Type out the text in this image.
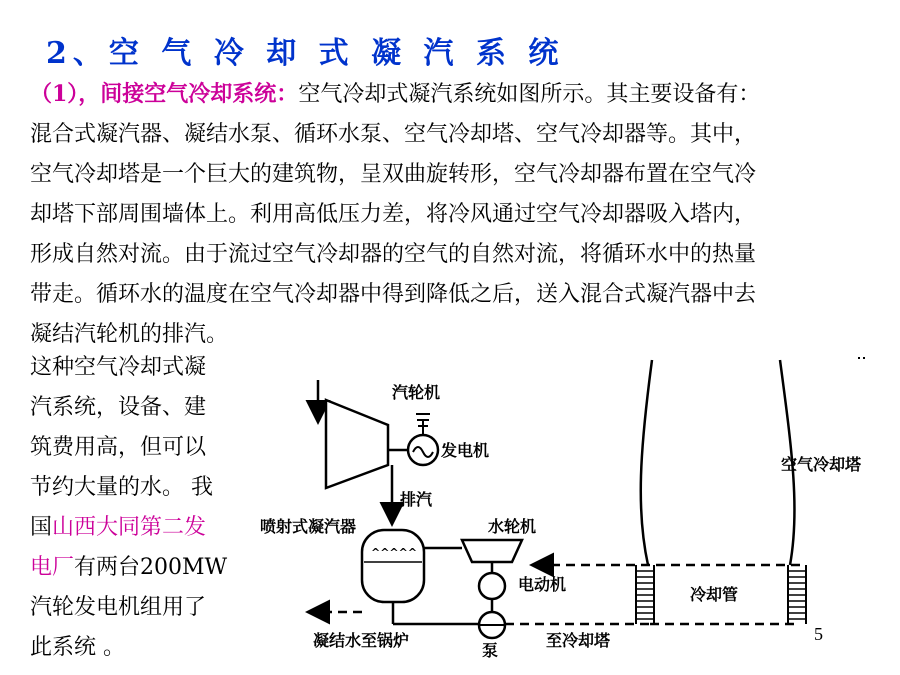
2、空 气 冷 却 式 凝 汽 系 统
（1），间接空气冷却系统：空气冷却式凝汽系统如图所示。其主要设备有：
混合式凝汽器、凝结水泵、循环水泵、空气冷却塔、空气冷却器等。其中，
空气冷却塔是一个巨大的建筑物，呈双曲旋转形，空气冷却器布置在空气冷
却塔下部周围墙体上。利用高低压力差，将冷风通过空气冷却器吸入塔内，
形成自然对流。由于流过空气冷却器的空气的自然对流，将循环水中的热量
带走。循环水的温度在空气冷却器中得到降低之后，送入混合式凝汽器中去
凝结汽轮机的排汽。
这种空气冷却式凝
汽系统，设备、建
筑费用高，但可以
节约大量的水。 我
国山西大同第二发
电厂有两台200MW
汽轮发电机组用了
此系统 。
^^^^^
汽轮机
发电机
排汽
喷射式凝汽器	水轮机
电动机
泵
凝结水至锅炉	至冷却塔
冷却管
空气冷却塔
5
